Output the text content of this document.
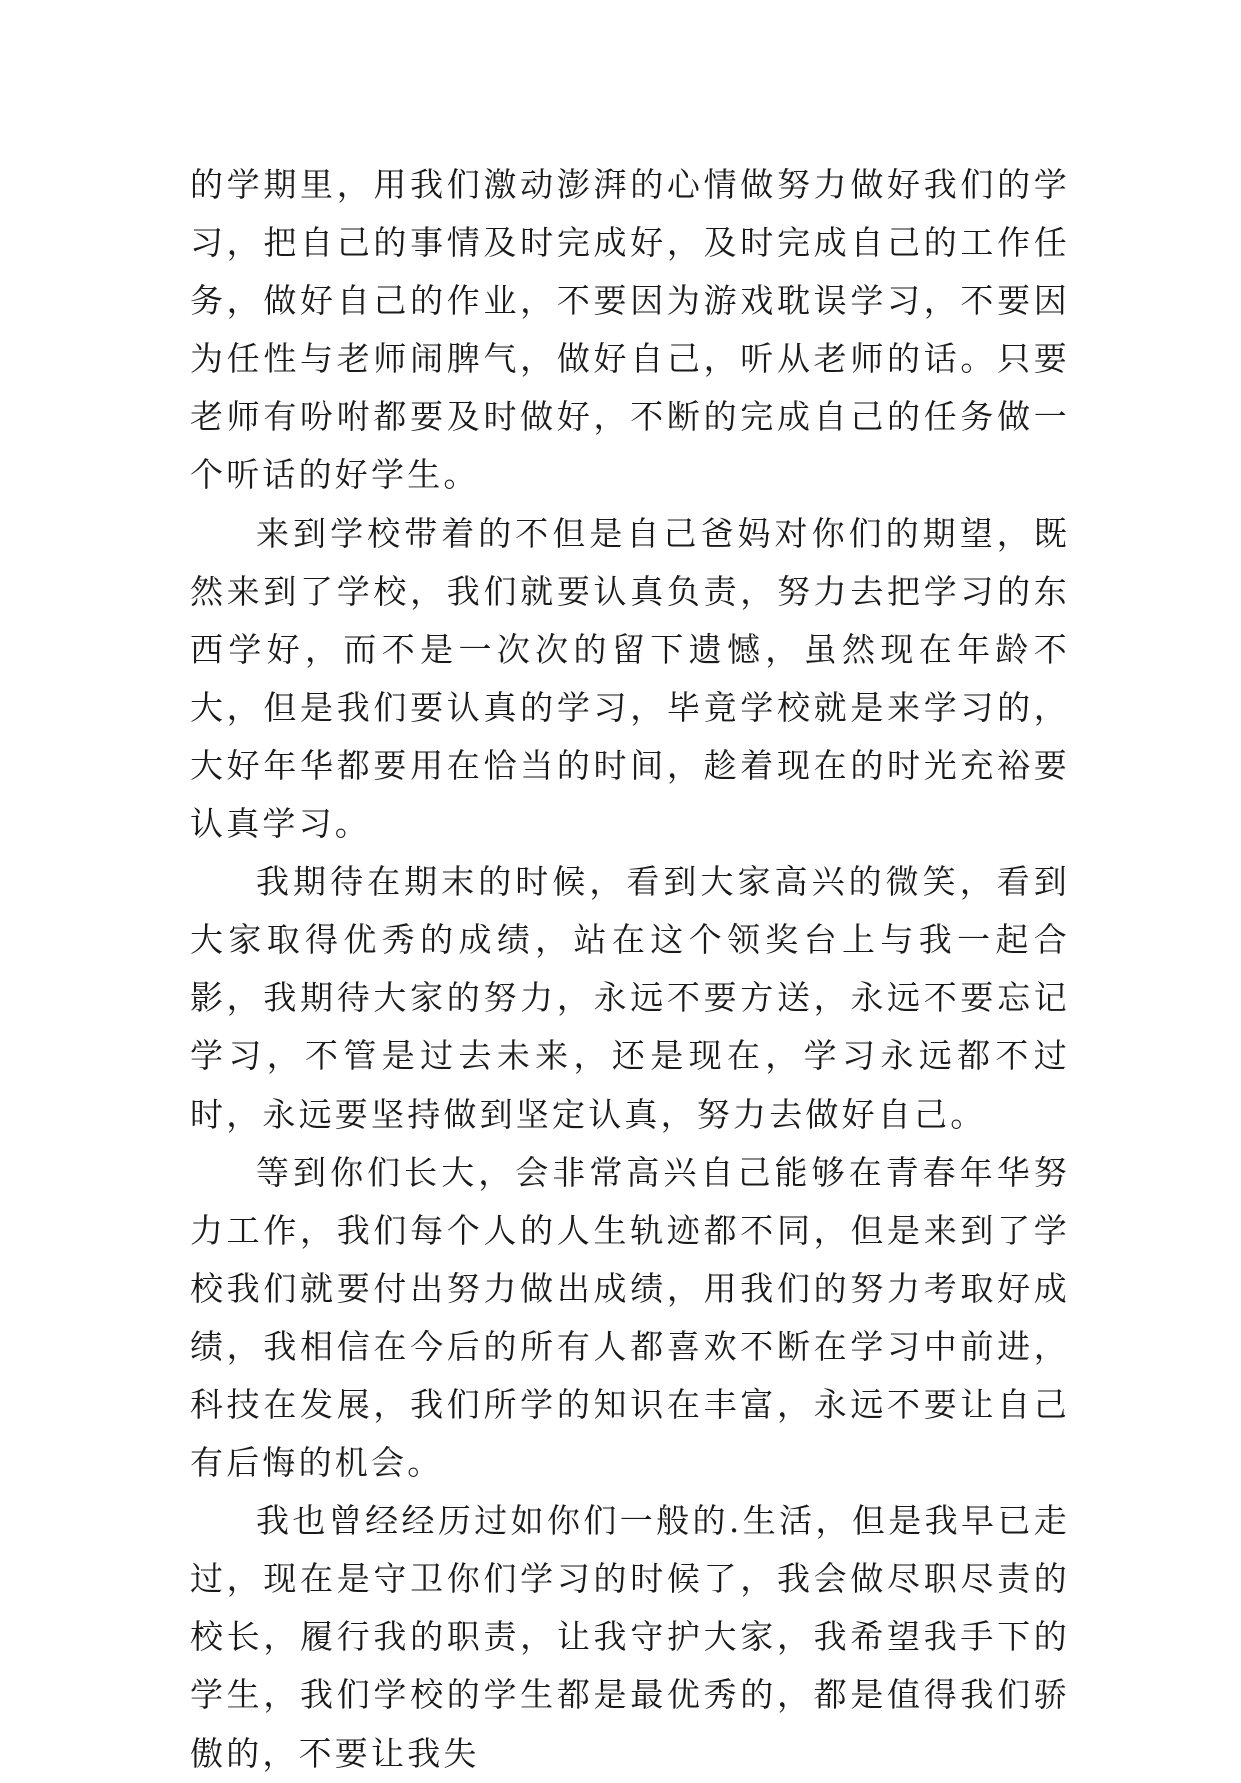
的学期里，用我们激动澎湃的心情做努力做好我们的学习，把自己的事情及时完成好，及时完成自己的工作任务，做好自己的作业，不要因为游戏耽误学习，不要因为任性与老师闹脾气，做好自己，听从老师的话。只要老师有吩咐都要及时做好，不断的完成自己的任务做一个听话的好学生。

来到学校带着的不但是自己爸妈对你们的期望，既然来到了学校，我们就要认真负责，努力去把学习的东西学好，而不是一次次的留下遗憾，虽然现在年龄不大，但是我们要认真的学习，毕竟学校就是来学习的，大好年华都要用在恰当的时间，趁着现在的时光充裕要认真学习。

我期待在期末的时候，看到大家高兴的微笑，看到大家取得优秀的成绩，站在这个领奖台上与我一起合影，我期待大家的努力，永远不要方送，永远不要忘记学习，不管是过去未来，还是现在，学习永远都不过时，永远要坚持做到坚定认真，努力去做好自己。

等到你们长大，会非常高兴自己能够在青春年华努力工作，我们每个人的人生轨迹都不同，但是来到了学校我们就要付出努力做出成绩，用我们的努力考取好成绩，我相信在今后的所有人都喜欢不断在学习中前进，科技在发展，我们所学的知识在丰富，永远不要让自己有后悔的机会。

我也曾经经历过如你们一般的.生活，但是我早已走过，现在是守卫你们学习的时候了，我会做尽职尽责的校长，履行我的职责，让我守护大家，我希望我手下的学生，我们学校的学生都是最优秀的，都是值得我们骄傲的，不要让我失
